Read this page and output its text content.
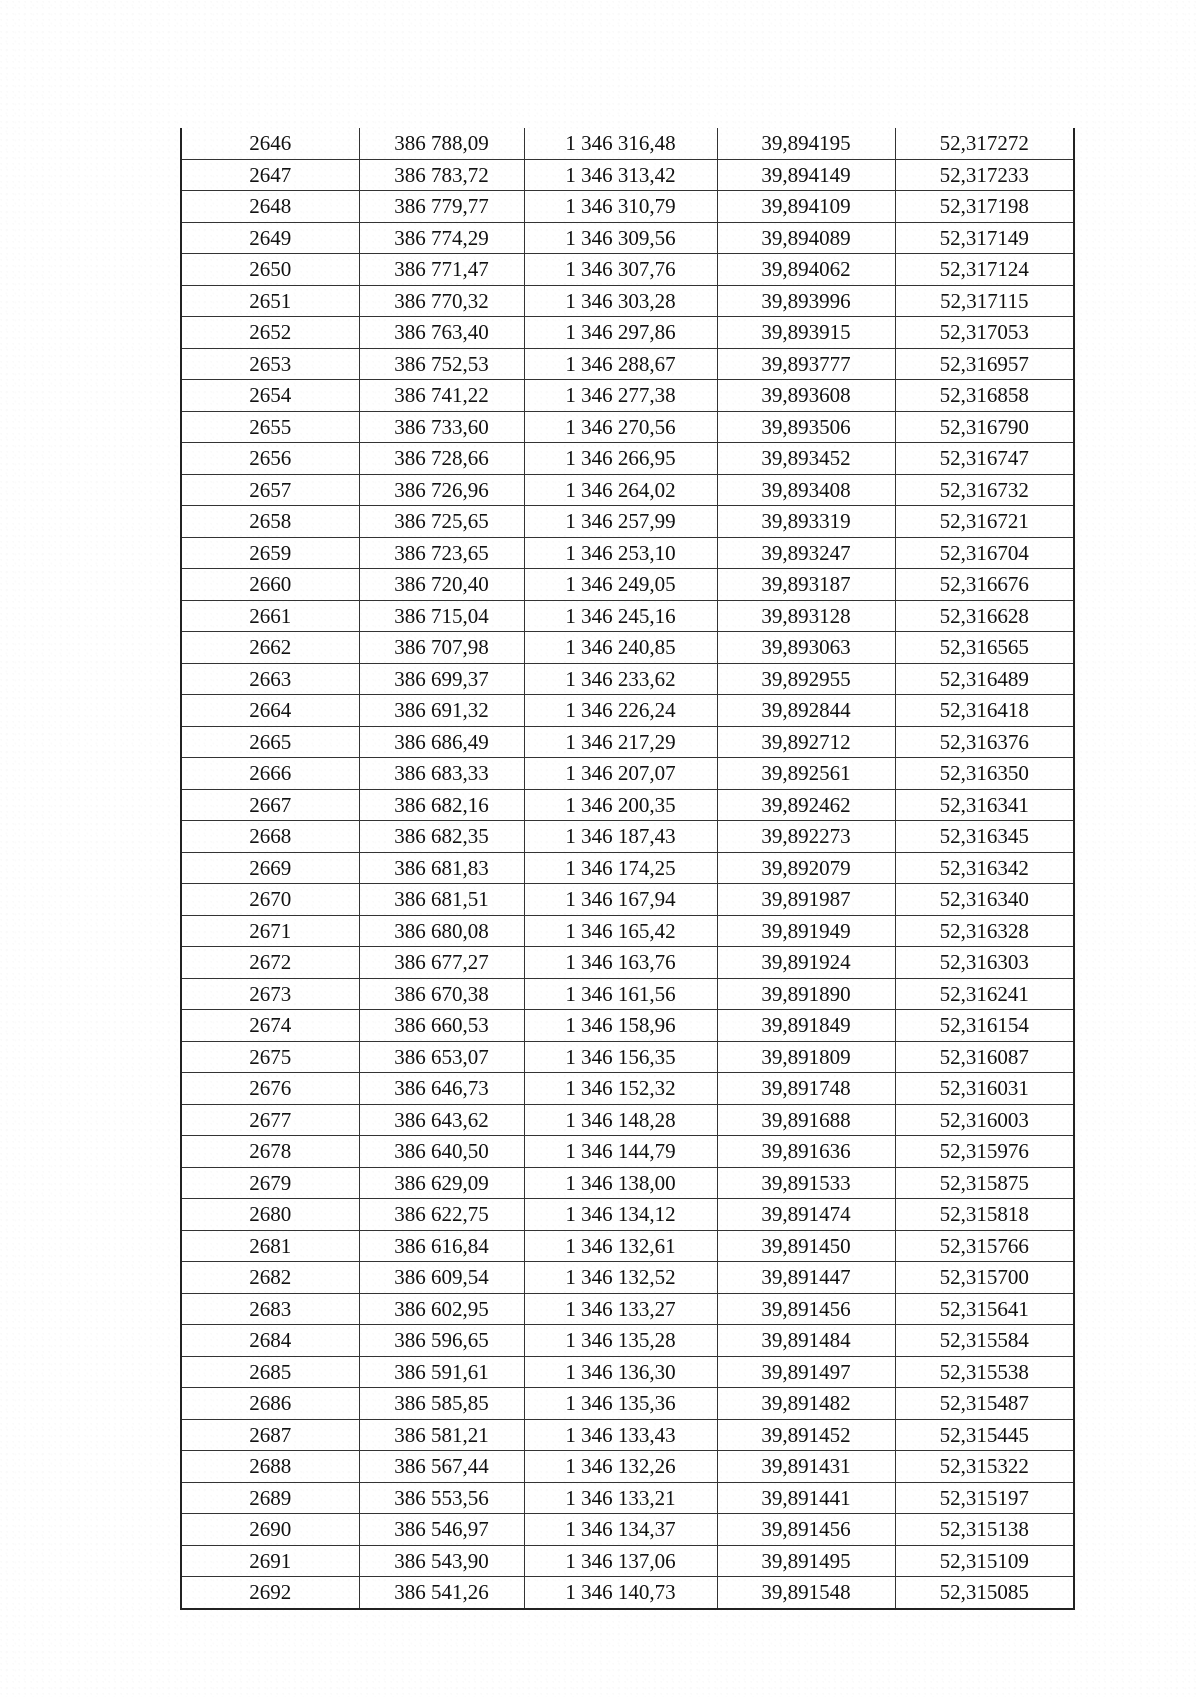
2646	386 788,09	1 346 316,48	39,894195	52,317272
2647	386 783,72	1 346 313,42	39,894149	52,317233
2648	386 779,77	1 346 310,79	39,894109	52,317198
2649	386 774,29	1 346 309,56	39,894089	52,317149
2650	386 771,47	1 346 307,76	39,894062	52,317124
2651	386 770,32	1 346 303,28	39,893996	52,317115
2652	386 763,40	1 346 297,86	39,893915	52,317053
2653	386 752,53	1 346 288,67	39,893777	52,316957
2654	386 741,22	1 346 277,38	39,893608	52,316858
2655	386 733,60	1 346 270,56	39,893506	52,316790
2656	386 728,66	1 346 266,95	39,893452	52,316747
2657	386 726,96	1 346 264,02	39,893408	52,316732
2658	386 725,65	1 346 257,99	39,893319	52,316721
2659	386 723,65	1 346 253,10	39,893247	52,316704
2660	386 720,40	1 346 249,05	39,893187	52,316676
2661	386 715,04	1 346 245,16	39,893128	52,316628
2662	386 707,98	1 346 240,85	39,893063	52,316565
2663	386 699,37	1 346 233,62	39,892955	52,316489
2664	386 691,32	1 346 226,24	39,892844	52,316418
2665	386 686,49	1 346 217,29	39,892712	52,316376
2666	386 683,33	1 346 207,07	39,892561	52,316350
2667	386 682,16	1 346 200,35	39,892462	52,316341
2668	386 682,35	1 346 187,43	39,892273	52,316345
2669	386 681,83	1 346 174,25	39,892079	52,316342
2670	386 681,51	1 346 167,94	39,891987	52,316340
2671	386 680,08	1 346 165,42	39,891949	52,316328
2672	386 677,27	1 346 163,76	39,891924	52,316303
2673	386 670,38	1 346 161,56	39,891890	52,316241
2674	386 660,53	1 346 158,96	39,891849	52,316154
2675	386 653,07	1 346 156,35	39,891809	52,316087
2676	386 646,73	1 346 152,32	39,891748	52,316031
2677	386 643,62	1 346 148,28	39,891688	52,316003
2678	386 640,50	1 346 144,79	39,891636	52,315976
2679	386 629,09	1 346 138,00	39,891533	52,315875
2680	386 622,75	1 346 134,12	39,891474	52,315818
2681	386 616,84	1 346 132,61	39,891450	52,315766
2682	386 609,54	1 346 132,52	39,891447	52,315700
2683	386 602,95	1 346 133,27	39,891456	52,315641
2684	386 596,65	1 346 135,28	39,891484	52,315584
2685	386 591,61	1 346 136,30	39,891497	52,315538
2686	386 585,85	1 346 135,36	39,891482	52,315487
2687	386 581,21	1 346 133,43	39,891452	52,315445
2688	386 567,44	1 346 132,26	39,891431	52,315322
2689	386 553,56	1 346 133,21	39,891441	52,315197
2690	386 546,97	1 346 134,37	39,891456	52,315138
2691	386 543,90	1 346 137,06	39,891495	52,315109
2692	386 541,26	1 346 140,73	39,891548	52,315085
